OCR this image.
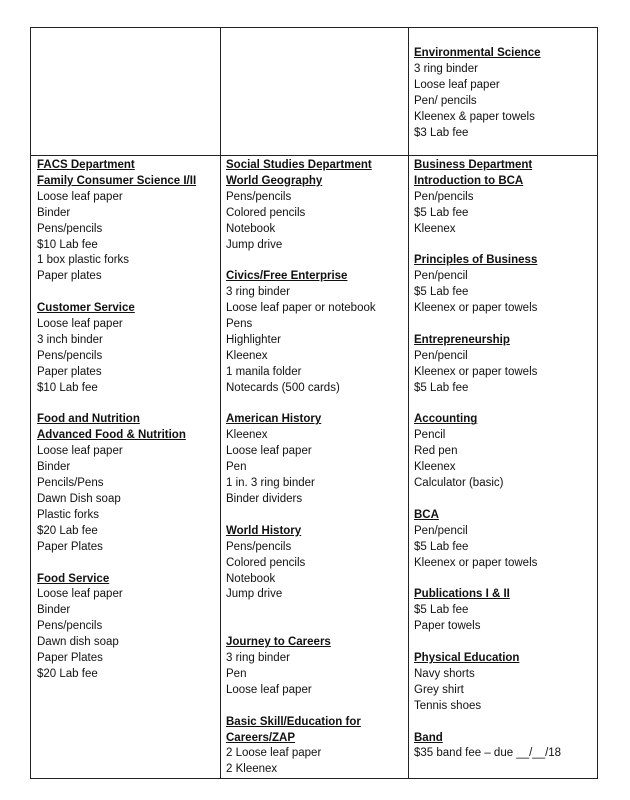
Environmental Science
3 ring binder
Loose leaf paper
Pen/ pencils
Kleenex & paper towels
$3 Lab fee
FACS Department
Family Consumer Science I/II
Loose leaf paper
Binder
Pens/pencils
$10 Lab fee
1 box plastic forks
Paper plates
Customer Service
Loose leaf paper
3 inch binder
Pens/pencils
Paper plates
$10 Lab fee
Food and Nutrition
Advanced Food & Nutrition
Loose leaf paper
Binder
Pencils/Pens
Dawn Dish soap
Plastic forks
$20 Lab fee
Paper Plates
Food Service
Loose leaf paper
Binder
Pens/pencils
Dawn dish soap
Paper Plates
$20 Lab fee
Social Studies Department
World Geography
Pens/pencils
Colored pencils
Notebook
Jump drive
Civics/Free Enterprise
3 ring binder
Loose leaf paper or notebook
Pens
Highlighter
Kleenex
1 manila folder
Notecards (500 cards)
American History
Kleenex
Loose leaf paper
Pen
1 in. 3 ring binder
Binder dividers
World History
Pens/pencils
Colored pencils
Notebook
Jump drive
Journey to Careers
3 ring binder
Pen
Loose leaf paper
Basic Skill/Education for
Careers/ZAP
2 Loose leaf paper
2 Kleenex
Business Department
Introduction to BCA
Pen/pencils
$5 Lab fee
Kleenex
Principles of Business
Pen/pencil
$5 Lab fee
Kleenex or paper towels
Entrepreneurship
Pen/pencil
Kleenex or paper towels
$5 Lab fee
Accounting
Pencil
Red pen
Kleenex
Calculator (basic)
BCA
Pen/pencil
$5 Lab fee
Kleenex or paper towels
Publications I & II
$5 Lab fee
Paper towels
Physical Education
Navy shorts
Grey shirt
Tennis shoes
Band
$35 band fee – due __/__/18
